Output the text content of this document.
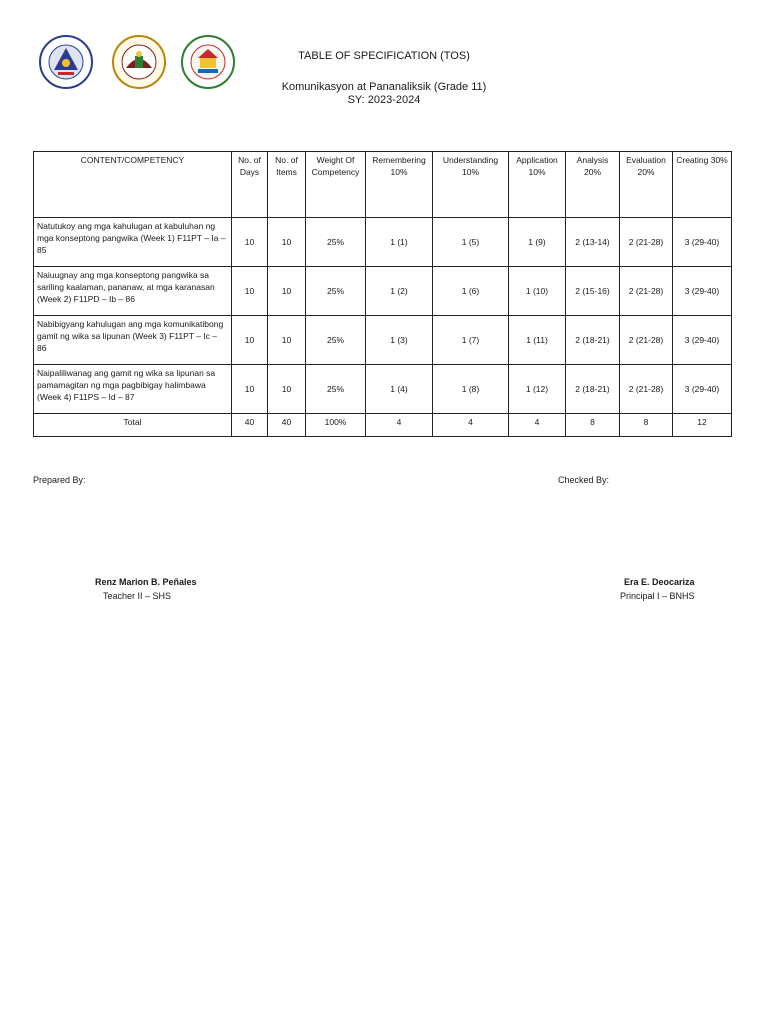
TABLE OF SPECIFICATION (TOS)

Komunikasyon at Pananaliksik (Grade 11)

SY: 2023-2024

CONTENT/COMPETENCY	No. of Days	No. of Items	Weight Of Competency	Remembering 10%	Understanding 10%	Application 10%	Analysis 20%	Evaluation 20%	Creating 30%
Natutukoy ang mga kahulugan at kabuluhan ng mga konseptong pangwika (Week 1) F11PT – Ia – 85	10	10	25%	1 (1)	1 (5)	1 (9)	2 (13-14)	2 (21-28)	3 (29-40)
Naiuugnay ang mga konseptong pangwika sa sariling kaalaman, pananaw, at mga karanasan (Week 2) F11PD – Ib – 86	10	10	25%	1 (2)	1 (6)	1 (10)	2 (15-16)	2 (21-28)	3 (29-40)
Nabibigyang kahulugan ang mga komunikatibong gamit ng wika sa lipunan (Week 3) F11PT – Ic – 86	10	10	25%	1 (3)	1 (7)	1 (11)	2 (18-21)	2 (21-28)	3 (29-40)
Naipaliliwanag ang gamit ng wika sa lipunan sa pamamagitan ng mga pagbibigay halimbawa (Week 4) F11PS – Id – 87	10	10	25%	1 (4)	1 (8)	1 (12)	2 (18-21)	2 (21-28)	3 (29-40)
Total	40	40	100%	4	4	4	8	8	12
Prepared By:	Checked By:
Renz Marion B. Peñales
Teacher II – SHS
Era E. Deocariza
Principal I – BNHS
